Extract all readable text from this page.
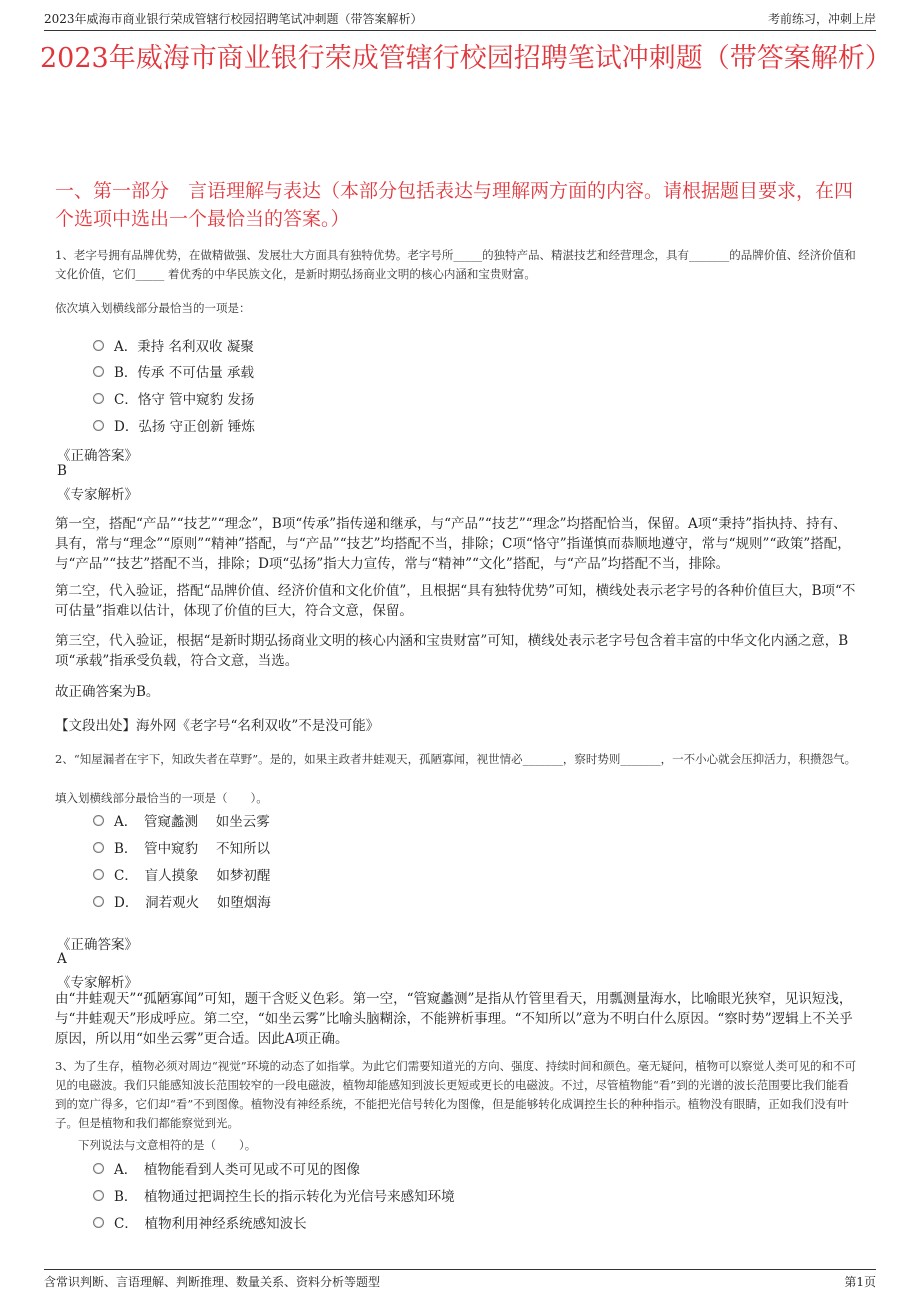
2023年威海市商业银行荣成管辖行校园招聘笔试冲刺题（带答案解析）	考前练习，冲刺上岸
2023年威海市商业银行荣成管辖行校园招聘笔试冲刺题（带答案解析）
一、第一部分　言语理解与表达（本部分包括表达与理解两方面的内容。请根据题目要求，在四个选项中选出一个最恰当的答案。）

1、老字号拥有品牌优势，在做精做强、发展壮大方面具有独特优势。老字号所_____的独特产品、精湛技艺和经营理念，具有_______的品牌价值、经济价值和文化价值，它们_____ 着优秀的中华民族文化，是新时期弘扬商业文明的核心内涵和宝贵财富。

依次填入划横线部分最恰当的一项是：

A．秉持 名利双收 凝聚
B．传承 不可估量 承载
C．恪守 管中窥豹 发扬
D．弘扬 守正创新 锤炼
《正确答案》
B
《专家解析》

第一空，搭配“产品”“技艺”“理念”，B项“传承”指传递和继承，与“产品”“技艺”“理念”均搭配恰当，保留。A项“秉持”指执持、持有、具有，常与“理念”“原则”“精神”搭配，与“产品”“技艺”均搭配不当，排除；C项“恪守”指谨慎而恭顺地遵守，常与“规则”“政策”搭配，与“产品”“技艺”搭配不当，排除；D项“弘扬”指大力宣传，常与“精神”“文化”搭配，与“产品”均搭配不当，排除。

第二空，代入验证，搭配“品牌价值、经济价值和文化价值”，且根据“具有独特优势”可知，横线处表示老字号的各种价值巨大，B项“不可估量”指难以估计，体现了价值的巨大，符合文意，保留。

第三空，代入验证，根据“是新时期弘扬商业文明的核心内涵和宝贵财富”可知，横线处表示老字号包含着丰富的中华文化内涵之意，B项“承载”指承受负载，符合文意，当选。

故正确答案为B。

【文段出处】海外网《老字号“名利双收”不是没可能》

2、“知屋漏者在宇下，知政失者在草野”。是的，如果主政者井蛙观天，孤陋寡闻，视世情必_______，察时势则_______，一不小心就会压抑活力，积攒怨气。

填入划横线部分最恰当的一项是（　　）。

A．　管窥蠡测　 如坐云雾
B．　管中窥豹　 不知所以
C．　盲人摸象　 如梦初醒
D．　洞若观火　 如堕烟海
《正确答案》
A
《专家解析》

由“井蛙观天”“孤陋寡闻”可知，题干含贬义色彩。第一空，“管窥蠡测”是指从竹管里看天，用瓢测量海水，比喻眼光狭窄，见识短浅，与“井蛙观天”形成呼应。第二空，“如坐云雾”比喻头脑糊涂，不能辨析事理。“不知所以”意为不明白什么原因。“察时势”逻辑上不关乎原因，所以用“如坐云雾”更合适。因此A项正确。

3、为了生存，植物必须对周边“视觉”环境的动态了如指掌。为此它们需要知道光的方向、强度、持续时间和颜色。毫无疑问，植物可以察觉人类可见的和不可见的电磁波。我们只能感知波长范围较窄的一段电磁波，植物却能感知到波长更短或更长的电磁波。不过，尽管植物能“看”到的光谱的波长范围要比我们能看到的宽广得多，它们却“看”不到图像。植物没有神经系统，不能把光信号转化为图像，但是能够转化成调控生长的种种指示。植物没有眼睛，正如我们没有叶子。但是植物和我们都能察觉到光。

下列说法与文意相符的是（　　）。

A．　植物能看到人类可见或不可见的图像
B．　植物通过把调控生长的指示转化为光信号来感知环境
C．　植物利用神经系统感知波长
含常识判断、言语理解、判断推理、数量关系、资料分析等题型	第1页
